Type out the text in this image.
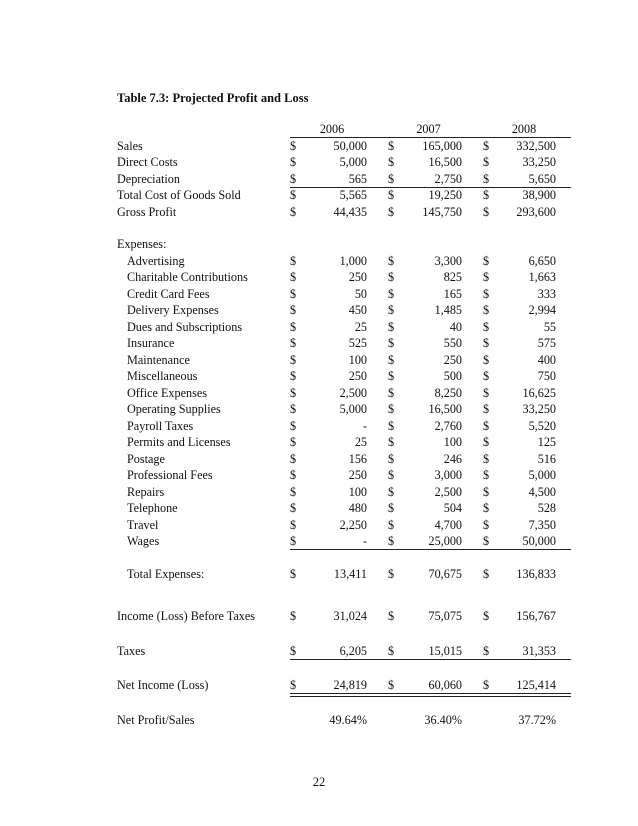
Table 7.3: Projected Profit and Loss
2006	2007	2008
Sales	$	50,000 $	165,000 $	332,500
Direct Costs	$	5,000 $	16,500 $	33,250
Depreciation	$	565 $	2,750 $	5,650
Total Cost of Goods Sold	$	5,565 $	19,250 $	38,900
Gross Profit	$	44,435 $	145,750 $	293,600
Expenses:
Advertising	$	1,000 $	3,300 $	6,650
Charitable Contributions	$	250 $	825 $	1,663
Credit Card Fees	$	50 $	165 $	333
Delivery Expenses	$	450 $	1,485 $	2,994
Dues and Subscriptions	$	25 $	40 $	55
Insurance	$	525 $	550 $	575
Maintenance	$	100 $	250 $	400
Miscellaneous	$	250 $	500 $	750
Office Expenses	$	2,500 $	8,250 $	16,625
Operating Supplies	$	5,000 $	16,500 $	33,250
Payroll Taxes	$	- $	2,760 $	5,520
Permits and Licenses	$	25 $	100 $	125
Postage	$	156 $	246 $	516
Professional Fees	$	250 $	3,000 $	5,000
Repairs	$	100 $	2,500 $	4,500
Telephone	$	480 $	504 $	528
Travel	$	2,250 $	4,700 $	7,350
Wages	$	- $	25,000 $	50,000
Total Expenses:	$	13,411 $	70,675 $	136,833
Income (Loss) Before Taxes	$	31,024 $	75,075 $	156,767
Taxes	$	6,205 $	15,015 $	31,353
Net Income (Loss)	$	24,819 $	60,060 $	125,414
Net Profit/Sales	49.64%	36.40%	37.72%
22
